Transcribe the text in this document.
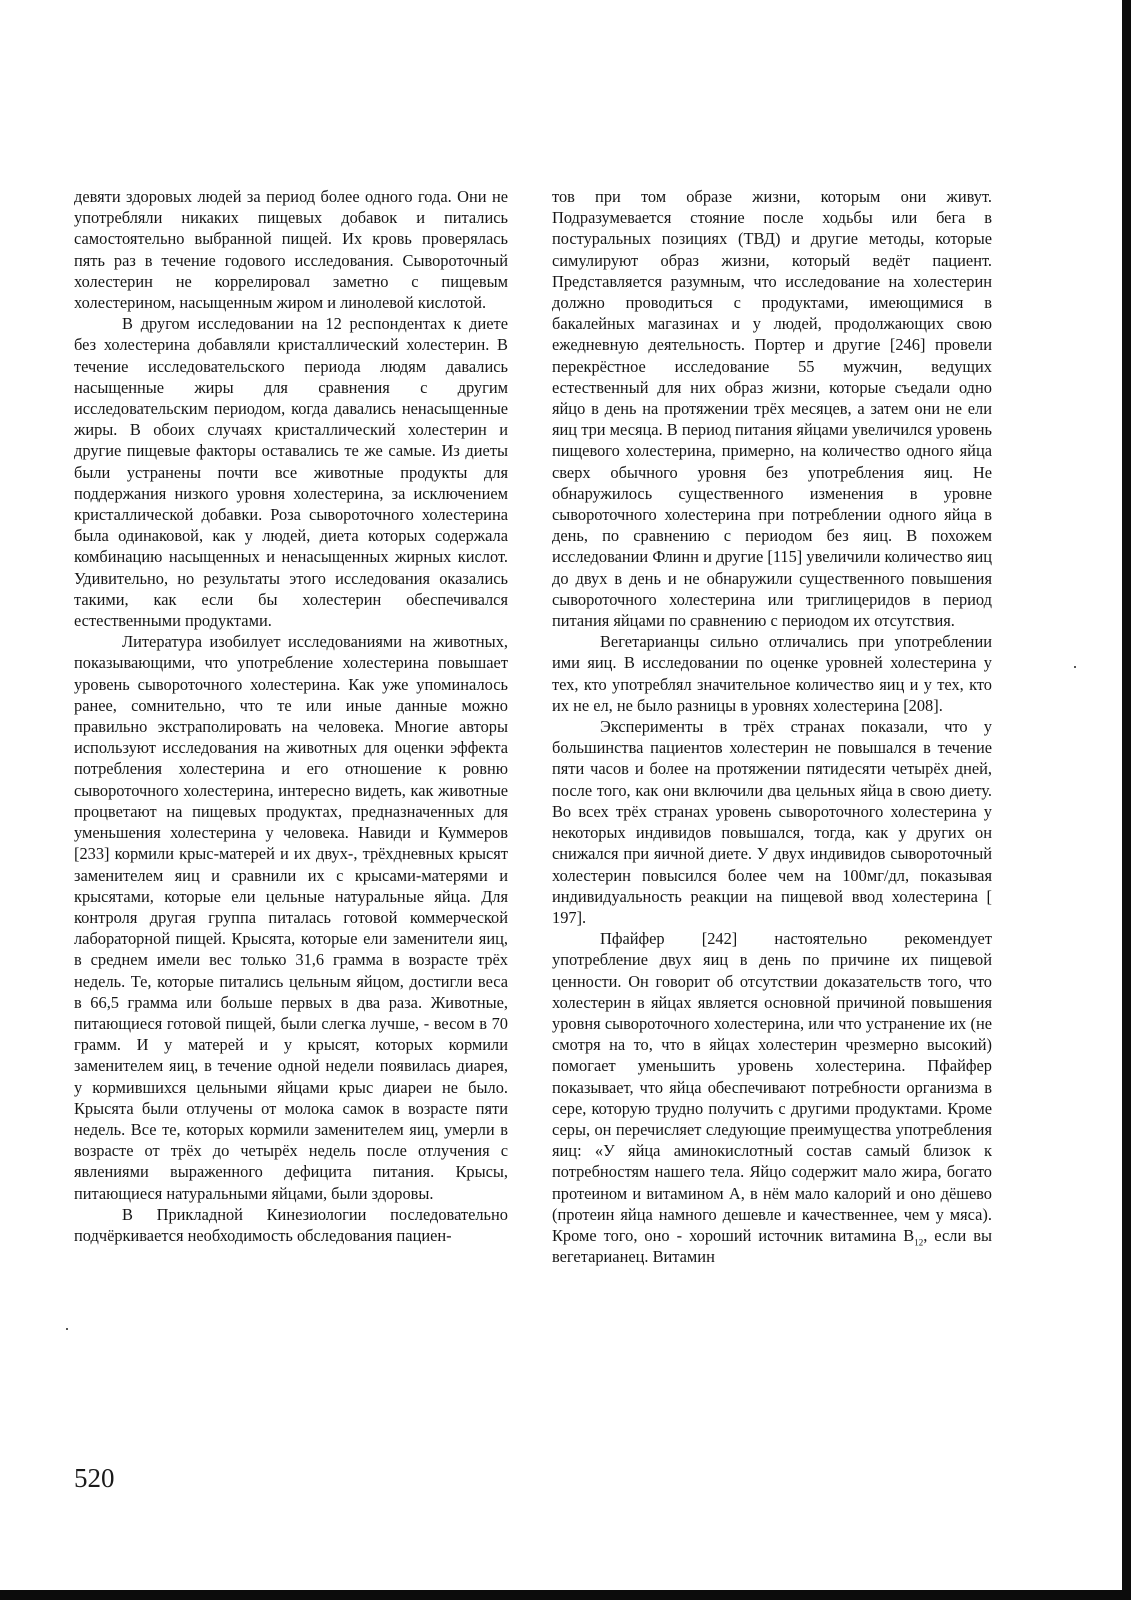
девяти здоровых людей за период более одного года. Они не употребляли никаких пищевых добавок и питались самостоятельно выбранной пищей. Их кровь проверялась пять раз в течение годового исследования. Сывороточный холестерин не коррелировал заметно с пищевым холестерином, насыщенным жиром и линолевой кислотой.

В другом исследовании на 12 респондентах к диете без холестерина добавляли кристаллический холестерин. В течение исследовательского периода людям давались насыщенные жиры для сравнения с другим исследовательским периодом, когда давались ненасыщенные жиры. В обоих случаях кристаллический холестерин и другие пищевые факторы оставались те же самые. Из диеты были устранены почти все животные продукты для поддержания низкого уровня холестерина, за исключением кристаллической добавки. Роза сывороточного холестерина была одинаковой, как у людей, диета которых содержала комбинацию насыщенных и ненасыщенных жирных кислот. Удивительно, но результаты этого исследования оказались такими, как если бы холестерин обеспечивался естественными продуктами.

Литература изобилует исследованиями на животных, показывающими, что употребление холестерина повышает уровень сывороточного холестерина. Как уже упоминалось ранее, сомнительно, что те или иные данные можно правильно экстраполировать на человека. Многие авторы используют исследования на животных для оценки эффекта потребления холестерина и его отношение к ровню сывороточного холестерина, интересно видеть, как животные процветают на пищевых продуктах, предназначенных для уменьшения холестерина у человека. Навиди и Куммеров [233] кормили крыс-матерей и их двух-, трёхдневных крысят заменителем яиц и сравнили их с крысами-матерями и крысятами, которые ели цельные натуральные яйца. Для контроля другая группа питалась готовой коммерческой лабораторной пищей. Крысята, которые ели заменители яиц, в среднем имели вес только 31,6 грамма в возрасте трёх недель. Те, которые питались цельным яйцом, достигли веса в 66,5 грамма или больше первых в два раза. Животные, питающиеся готовой пищей, были слегка лучше, - весом в 70 грамм. И у матерей и у крысят, которых кормили заменителем яиц, в течение одной недели появилась диарея, у кормившихся цельными яйцами крыс диареи не было. Крысята были отлучены от молока самок в возрасте пяти недель. Все те, которых кормили заменителем яиц, умерли в возрасте от трёх до четырёх недель после отлучения с явлениями выраженного дефицита питания. Крысы, питающиеся натуральными яйцами, были здоровы.

В Прикладной Кинезиологии последовательно подчёркивается необходимость обследования пациен-

тов при том образе жизни, которым они живут. Подразумевается стояние после ходьбы или бега в постуральных позициях (ТВД) и другие методы, которые симулируют образ жизни, который ведёт пациент. Представляется разумным, что исследование на холестерин должно проводиться с продуктами, имеющимися в бакалейных магазинах и у людей, продолжающих свою ежедневную деятельность. Портер и другие [246] провели перекрёстное исследование 55 мужчин, ведущих естественный для них образ жизни, которые съедали одно яйцо в день на протяжении трёх месяцев, а затем они не ели яиц три месяца. В период питания яйцами увеличился уровень пищевого холестерина, примерно, на количество одного яйца сверх обычного уровня без употребления яиц. Не обнаружилось существенного изменения в уровне сывороточного холестерина при потреблении одного яйца в день, по сравнению с периодом без яиц. В похожем исследовании Флинн и другие [115] увеличили количество яиц до двух в день и не обнаружили существенного повышения сывороточного холестерина или триглицеридов в период питания яйцами по сравнению с периодом их отсутствия.

Вегетарианцы сильно отличались при употреблении ими яиц. В исследовании по оценке уровней холестерина у тех, кто употреблял значительное количество яиц и у тех, кто их не ел, не было разницы в уровнях холестерина [208].

Эксперименты в трёх странах показали, что у большинства пациентов холестерин не повышался в течение пяти часов и более на протяжении пятидесяти четырёх дней, после того, как они включили два цельных яйца в свою диету. Во всех трёх странах уровень сывороточного холестерина у некоторых индивидов повышался, тогда, как у других он снижался при яичной диете. У двух индивидов сывороточный холестерин повысился более чем на 100мг/дл, показывая индивидуальность реакции на пищевой ввод холестерина [ 197].

Пфайфер [242] настоятельно рекомендует употребление двух яиц в день по причине их пищевой ценности. Он говорит об отсутствии доказательств того, что холестерин в яйцах является основной причиной повышения уровня сывороточного холестерина, или что устранение их (не смотря на то, что в яйцах холестерин чрезмерно высокий) помогает уменьшить уровень холестерина. Пфайфер показывает, что яйца обеспечивают потребности организма в сере, которую трудно получить с другими продуктами. Кроме серы, он перечисляет следующие преимущества употребления яиц: «У яйца аминокислотный состав самый близок к потребностям нашего тела. Яйцо содержит мало жира, богато протеином и витамином А, в нём мало калорий и оно дёшево (протеин яйца намного дешевле и качественнее, чем у мяса). Кроме того, оно - хороший источник витамина $B_{12}$, если вы вегетарианец. Витамин

520
